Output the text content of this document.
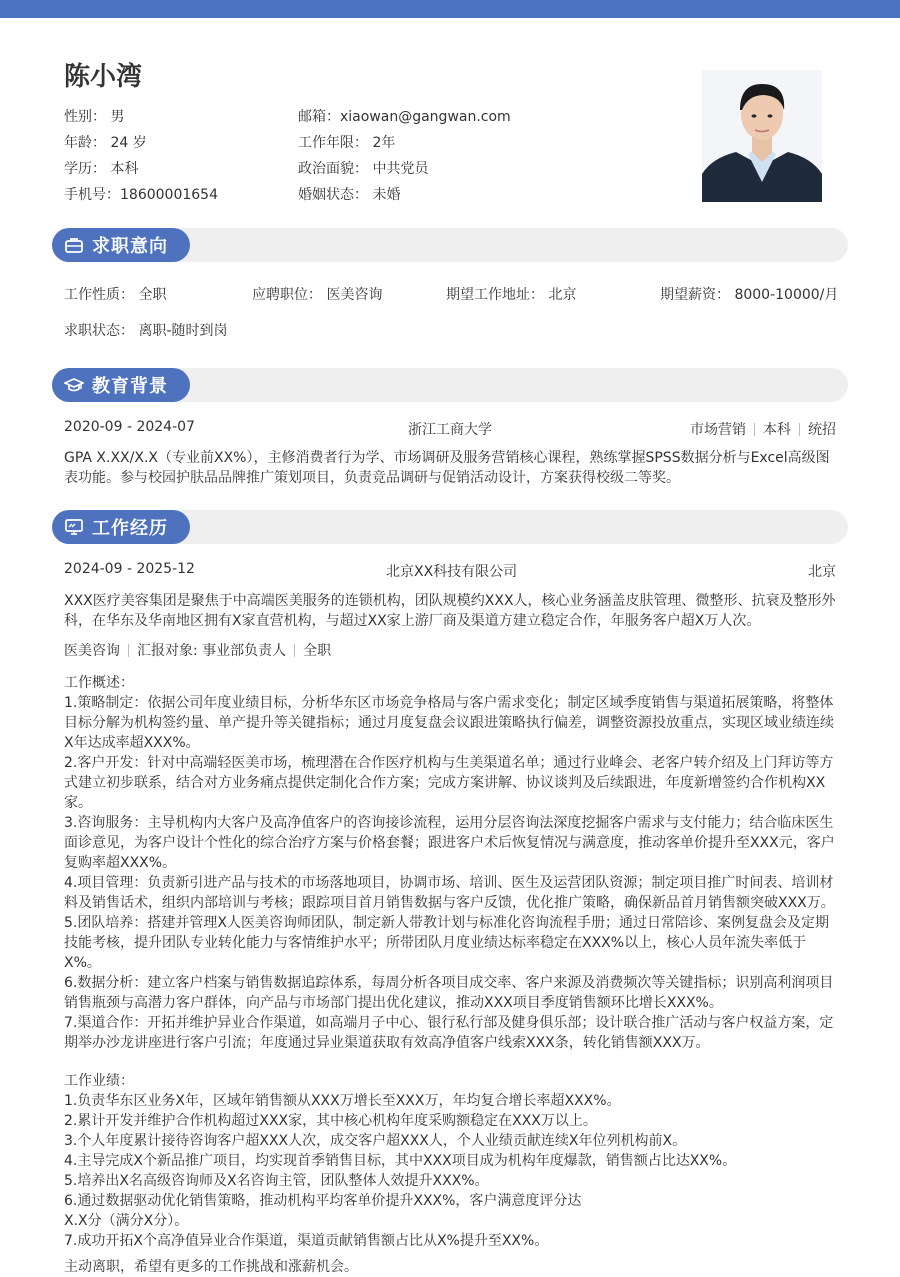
陈小湾
性别： 男
年龄： 24 岁
学历： 本科
手机号：18600001654
邮箱：xiaowan@gangwan.com
工作年限： 2年
政治面貌： 中共党员
婚姻状态： 未婚
求职意向
工作性质： 全职	应聘职位： 医美咨询	期望工作地址： 北京	期望薪资： 8000-10000/月
求职状态： 离职-随时到岗
教育背景
2020-09 - 2024-07	浙江工商大学	市场营销 本科 统招
GPA X.XX/X.X（专业前XX%），主修消费者行为学、市场调研及服务营销核心课程，熟练掌握SPSS数据分析与Excel高级图表功能。参与校园护肤品品牌推广策划项目，负责竞品调研与促销活动设计，方案获得校级二等奖。
工作经历
2024-09 - 2025-12	北京XX科技有限公司	北京
XXX医疗美容集团是聚焦于中高端医美服务的连锁机构，团队规模约XXX人，核心业务涵盖皮肤管理、微整形、抗衰及整形外科，在华东及华南地区拥有X家直营机构，与超过XX家上游厂商及渠道方建立稳定合作，年服务客户超X万人次。
医美咨询 汇报对象: 事业部负责人 全职
工作概述：
1.策略制定：依据公司年度业绩目标，分析华东区市场竞争格局与客户需求变化；制定区域季度销售与渠道拓展策略，将整体目标分解为机构签约量、单产提升等关键指标；通过月度复盘会议跟进策略执行偏差，调整资源投放重点，实现区域业绩连续X年达成率超XXX%。
2.客户开发：针对中高端轻医美市场，梳理潜在合作医疗机构与生美渠道名单；通过行业峰会、老客户转介绍及上门拜访等方式建立初步联系，结合对方业务痛点提供定制化合作方案；完成方案讲解、协议谈判及后续跟进，年度新增签约合作机构XX家。
3.咨询服务：主导机构内大客户及高净值客户的咨询接诊流程，运用分层咨询法深度挖掘客户需求与支付能力；结合临床医生面诊意见，为客户设计个性化的综合治疗方案与价格套餐；跟进客户术后恢复情况与满意度，推动客单价提升至XXX元，客户复购率超XXX%。
4.项目管理：负责新引进产品与技术的市场落地项目，协调市场、培训、医生及运营团队资源；制定项目推广时间表、培训材料及销售话术，组织内部培训与考核；跟踪项目首月销售数据与客户反馈，优化推广策略，确保新品首月销售额突破XXX万。
5.团队培养：搭建并管理X人医美咨询师团队，制定新人带教计划与标准化咨询流程手册；通过日常陪诊、案例复盘会及定期技能考核，提升团队专业转化能力与客情维护水平；所带团队月度业绩达标率稳定在XXX%以上，核心人员年流失率低于X%。
6.数据分析：建立客户档案与销售数据追踪体系，每周分析各项目成交率、客户来源及消费频次等关键指标；识别高利润项目销售瓶颈与高潜力客户群体，向产品与市场部门提出优化建议，推动XXX项目季度销售额环比增长XXX%。
7.渠道合作：开拓并维护异业合作渠道，如高端月子中心、银行私行部及健身俱乐部；设计联合推广活动与客户权益方案，定期举办沙龙讲座进行客户引流；年度通过异业渠道获取有效高净值客户线索XXX条，转化销售额XXX万。
工作业绩：
1.负责华东区业务X年，区域年销售额从XXX万增长至XXX万，年均复合增长率超XXX%。
2.累计开发并维护合作机构超过XXX家，其中核心机构年度采购额稳定在XXX万以上。
3.个人年度累计接待咨询客户超XXX人次，成交客户超XXX人，个人业绩贡献连续X年位列机构前X。
4.主导完成X个新品推广项目，均实现首季销售目标，其中XXX项目成为机构年度爆款，销售额占比达XX%。
5.培养出X名高级咨询师及X名咨询主管，团队整体人效提升XXX%。
6.通过数据驱动优化销售策略，推动机构平均客单价提升XXX%，客户满意度评分达
X.X分（满分X分）。
7.成功开拓X个高净值异业合作渠道，渠道贡献销售额占比从X%提升至XX%。
主动离职，希望有更多的工作挑战和涨薪机会。
